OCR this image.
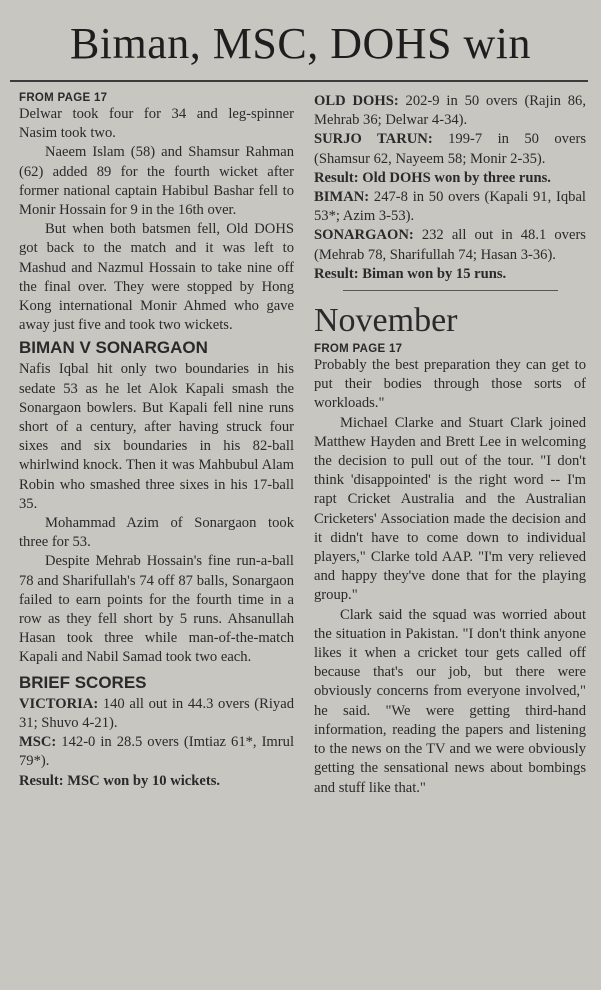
Biman, MSC, DOHS win
FROM PAGE 17

Delwar took four for 34 and leg-spinner Nasim took two.

Naeem Islam (58) and Shamsur Rahman (62) added 89 for the fourth wicket after former national captain Habibul Bashar fell to Monir Hossain for 9 in the 16th over.

But when both batsmen fell, Old DOHS got back to the match and it was left to Mashud and Nazmul Hossain to take nine off the final over. They were stopped by Hong Kong international Monir Ahmed who gave away just five and took two wickets.

BIMAN V SONARGAON

Nafis Iqbal hit only two boundaries in his sedate 53 as he let Alok Kapali smash the Sonargaon bowlers. But Kapali fell nine runs short of a century, after having struck four sixes and six boundaries in his 82-ball whirlwind knock. Then it was Mahbubul Alam Robin who smashed three sixes in his 17-ball 35.

Mohammad Azim of Sonargaon took three for 53.

Despite Mehrab Hossain's fine run-a-ball 78 and Sharifullah's 74 off 87 balls, Sonargaon failed to earn points for the fourth time in a row as they fell short by 5 runs. Ahsanullah Hasan took three while man-of-the-match Kapali and Nabil Samad took two each.

BRIEF SCORES

VICTORIA: 140 all out in 44.3 overs (Riyad 31; Shuvo 4-21).

MSC: 142-0 in 28.5 overs (Imtiaz 61*, Imrul 79*).

Result: MSC won by 10 wickets.

OLD DOHS: 202-9 in 50 overs (Rajin 86, Mehrab 36; Delwar 4-34).

SURJO TARUN: 199-7 in 50 overs (Shamsur 62, Nayeem 58; Monir 2-35).

Result: Old DOHS won by three runs.

BIMAN: 247-8 in 50 overs (Kapali 91, Iqbal 53*; Azim 3-53).

SONARGAON: 232 all out in 48.1 overs (Mehrab 78, Sharifullah 74; Hasan 3-36).

Result: Biman won by 15 runs.

November
FROM PAGE 17

Probably the best preparation they can get to put their bodies through those sorts of workloads."

Michael Clarke and Stuart Clark joined Matthew Hayden and Brett Lee in welcoming the decision to pull out of the tour. "I don't think 'disappointed' is the right word -- I'm rapt Cricket Australia and the Australian Cricketers' Association made the decision and it didn't have to come down to individual players," Clarke told AAP. "I'm very relieved and happy they've done that for the playing group."

Clark said the squad was worried about the situation in Pakistan. "I don't think anyone likes it when a cricket tour gets called off because that's our job, but there were obviously concerns from everyone involved," he said. "We were getting third-hand information, reading the papers and listening to the news on the TV and we were obviously getting the sensational news about bombings and stuff like that."
